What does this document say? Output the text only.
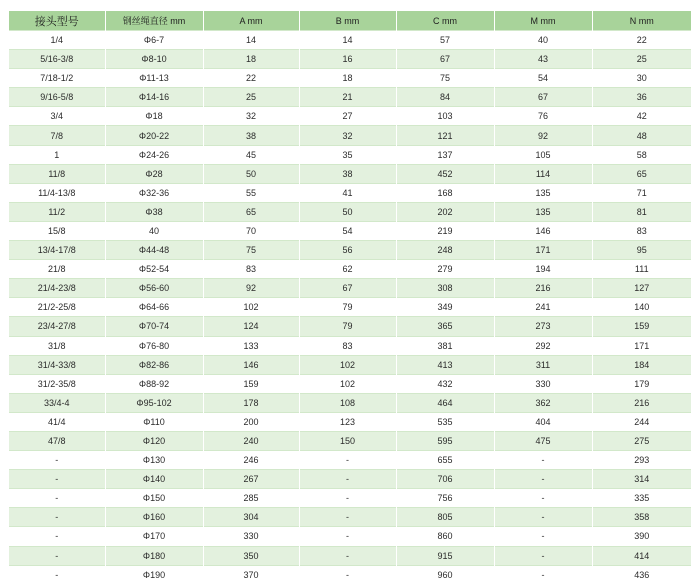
接头型号	钢丝绳直径 mm	A mm	B mm	C mm	M mm	N mm
1/4	Φ6-7	14	14	57	40	22
5/16-3/8	Φ8-10	18	16	67	43	25
7/18-1/2	Φ11-13	22	18	75	54	30
9/16-5/8	Φ14-16	25	21	84	67	36
3/4	Φ18	32	27	103	76	42
7/8	Φ20-22	38	32	121	92	48
1	Φ24-26	45	35	137	105	58
11/8	Φ28	50	38	452	114	65
11/4-13/8	Φ32-36	55	41	168	135	71
11/2	Φ38	65	50	202	135	81
15/8	40	70	54	219	146	83
13/4-17/8	Φ44-48	75	56	248	171	95
21/8	Φ52-54	83	62	279	194	111
21/4-23/8	Φ56-60	92	67	308	216	127
21/2-25/8	Φ64-66	102	79	349	241	140
23/4-27/8	Φ70-74	124	79	365	273	159
31/8	Φ76-80	133	83	381	292	171
31/4-33/8	Φ82-86	146	102	413	311	184
31/2-35/8	Φ88-92	159	102	432	330	179
33/4-4	Φ95-102	178	108	464	362	216
41/4	Φ110	200	123	535	404	244
47/8	Φ120	240	150	595	475	275
-	Φ130	246	-	655	-	293
-	Φ140	267	-	706	-	314
-	Φ150	285	-	756	-	335
-	Φ160	304	-	805	-	358
-	Φ170	330	-	860	-	390
-	Φ180	350	-	915	-	414
-	Φ190	370	-	960	-	436
